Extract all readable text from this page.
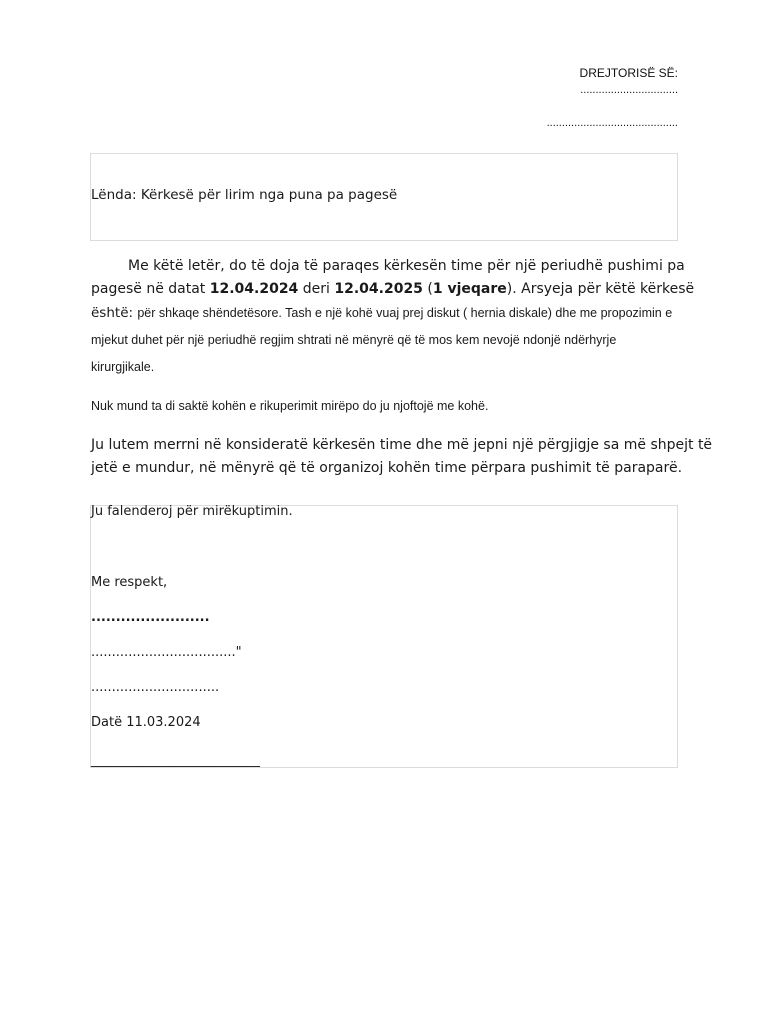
DREJTORISË SË:
................................
...........................................
Lënda: Kërkesë për lirim nga puna pa pagesë
Me këtë letër, do të doja të paraqes kërkesën time për një periudhë pushimi pa
pagesë në datat 12.04.2024 deri 12.04.2025 (1 vjeqare). Arsyeja për këtë kërkesë
është: për shkaqe shëndetësore. Tash e një kohë vuaj prej diskut ( hernia diskale) dhe me propozimin e
mjekut duhet për një periudhë regjim shtrati në mënyrë që të mos kem nevojë ndonjë ndërhyrje
kirurgjikale.
Nuk mund ta di saktë kohën e rikuperimit mirëpo do ju njoftojë me kohë.
Ju lutem merrni në konsideratë kërkesën time dhe më jepni një përgjigje sa më shpejt të
jetë e mundur, në mënyrë që të organizoj kohën time përpara pushimit të paraparë.
Ju falenderoj për mirëkuptimin.
Me respekt,
........................
..................................."
...............................
Datë 11.03.2024
__________________________
